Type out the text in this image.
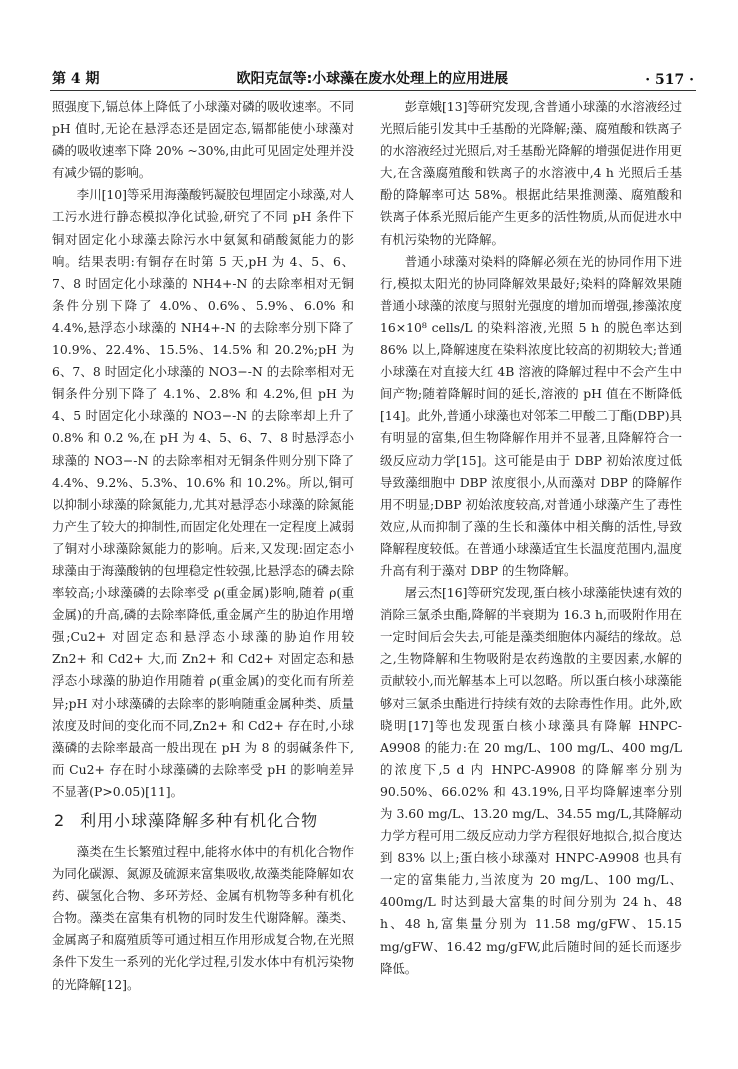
第 4 期	欧阳克氙等:小球藻在废水处理上的应用进展	· 517 ·

照强度下,镉总体上降低了小球藻对磷的吸收速率。不同 pH 值时,无论在悬浮态还是固定态,镉都能使小球藻对磷的吸收速率下降 20% ~30%,由此可见固定处理并没有减少镉的影响。

李川[10]等采用海藻酸钙凝胶包埋固定小球藻,对人工污水进行静态模拟净化试验,研究了不同 pH 条件下铜对固定化小球藻去除污水中氨氮和硝酸氮能力的影响。结果表明:有铜存在时第 5 天,pH 为 4、5、6、7、8 时固定化小球藻的 NH4+-N 的去除率相对无铜条件分别下降了 4.0%、0.6%、5.9%、6.0% 和 4.4%,悬浮态小球藻的 NH4+-N 的去除率分别下降了 10.9%、22.4%、15.5%、14.5% 和 20.2%;pH 为 6、7、8 时固定化小球藻的 NO3−-N 的去除率相对无铜条件分别下降了 4.1%、2.8% 和 4.2%,但 pH 为 4、5 时固定化小球藻的 NO3−-N 的去除率却上升了 0.8% 和 0.2 %,在 pH 为 4、5、6、7、8 时悬浮态小球藻的 NO3−-N 的去除率相对无铜条件则分别下降了 4.4%、9.2%、5.3%、10.6% 和 10.2%。所以,铜可以抑制小球藻的除氮能力,尤其对悬浮态小球藻的除氮能力产生了较大的抑制性,而固定化处理在一定程度上减弱了铜对小球藻除氮能力的影响。后来,又发现:固定态小球藻由于海藻酸钠的包埋稳定性较强,比悬浮态的磷去除率较高;小球藻磷的去除率受 ρ(重金属)影响,随着 ρ(重金属)的升高,磷的去除率降低,重金属产生的胁迫作用增强;Cu2+ 对固定态和悬浮态小球藻的胁迫作用较 Zn2+ 和 Cd2+ 大,而 Zn2+ 和 Cd2+ 对固定态和悬浮态小球藻的胁迫作用随着 ρ(重金属)的变化而有所差异;pH 对小球藻磷的去除率的影响随重金属种类、质量浓度及时间的变化而不同,Zn2+ 和 Cd2+ 存在时,小球藻磷的去除率最高一般出现在 pH 为 8 的弱碱条件下,而 Cu2+ 存在时小球藻磷的去除率受 pH 的影响差异不显著(P>0.05)[11]。

2 利用小球藻降解多种有机化合物

藻类在生长繁殖过程中,能将水体中的有机化合物作为同化碳源、氮源及硫源来富集吸收,故藻类能降解如农药、碳氢化合物、多环芳烃、金属有机物等多种有机化合物。藻类在富集有机物的同时发生代谢降解。藻类、金属离子和腐殖质等可通过相互作用形成复合物,在光照条件下发生一系列的光化学过程,引发水体中有机污染物的光降解[12]。

彭章娥[13]等研究发现,含普通小球藻的水溶液经过光照后能引发其中壬基酚的光降解;藻、腐殖酸和铁离子的水溶液经过光照后,对壬基酚光降解的增强促进作用更大,在含藻腐殖酸和铁离子的水溶液中,4 h 光照后壬基酚的降解率可达 58%。根据此结果推测藻、腐殖酸和铁离子体系光照后能产生更多的活性物质,从而促进水中有机污染物的光降解。

普通小球藻对染料的降解必须在光的协同作用下进行,模拟太阳光的协同降解效果最好;染料的降解效果随普通小球藻的浓度与照射光强度的增加而增强,掺藻浓度 16×10⁸ cells/L 的染料溶液,光照 5 h 的脱色率达到 86% 以上,降解速度在染料浓度比较高的初期较大;普通小球藻在对直接大红 4B 溶液的降解过程中不会产生中间产物;随着降解时间的延长,溶液的 pH 值在不断降低[14]。此外,普通小球藻也对邻苯二甲酸二丁酯(DBP)具有明显的富集,但生物降解作用并不显著,且降解符合一级反应动力学[15]。这可能是由于 DBP 初始浓度过低导致藻细胞中 DBP 浓度很小,从而藻对 DBP 的降解作用不明显;DBP 初始浓度较高,对普通小球藻产生了毒性效应,从而抑制了藻的生长和藻体中相关酶的活性,导致降解程度较低。在普通小球藻适宜生长温度范围内,温度升高有利于藻对 DBP 的生物降解。

屠云杰[16]等研究发现,蛋白核小球藻能快速有效的消除三氯杀虫酯,降解的半衰期为 16.3 h,而吸附作用在一定时间后会失去,可能是藻类细胞体内凝结的缘故。总之,生物降解和生物吸附是农药逸散的主要因素,水解的贡献较小,而光解基本上可以忽略。所以蛋白核小球藻能够对三氯杀虫酯进行持续有效的去除毒性作用。此外,欧晓明[17]等也发现蛋白核小球藻具有降解 HNPC-A9908 的能力:在 20 mg/L、100 mg/L、400 mg/L 的浓度下,5 d 内 HNPC-A9908 的降解率分别为 90.50%、66.02% 和 43.19%,日平均降解速率分别为 3.60 mg/L、13.20 mg/L、34.55 mg/L,其降解动力学方程可用二级反应动力学方程很好地拟合,拟合度达到 83% 以上;蛋白核小球藻对 HNPC-A9908 也具有一定的富集能力,当浓度为 20 mg/L、100 mg/L、400mg/L 时达到最大富集的时间分别为 24 h、48 h、48 h,富集量分别为 11.58 mg/gFW、15.15 mg/gFW、16.42 mg/gFW,此后随时间的延长而逐步降低。
